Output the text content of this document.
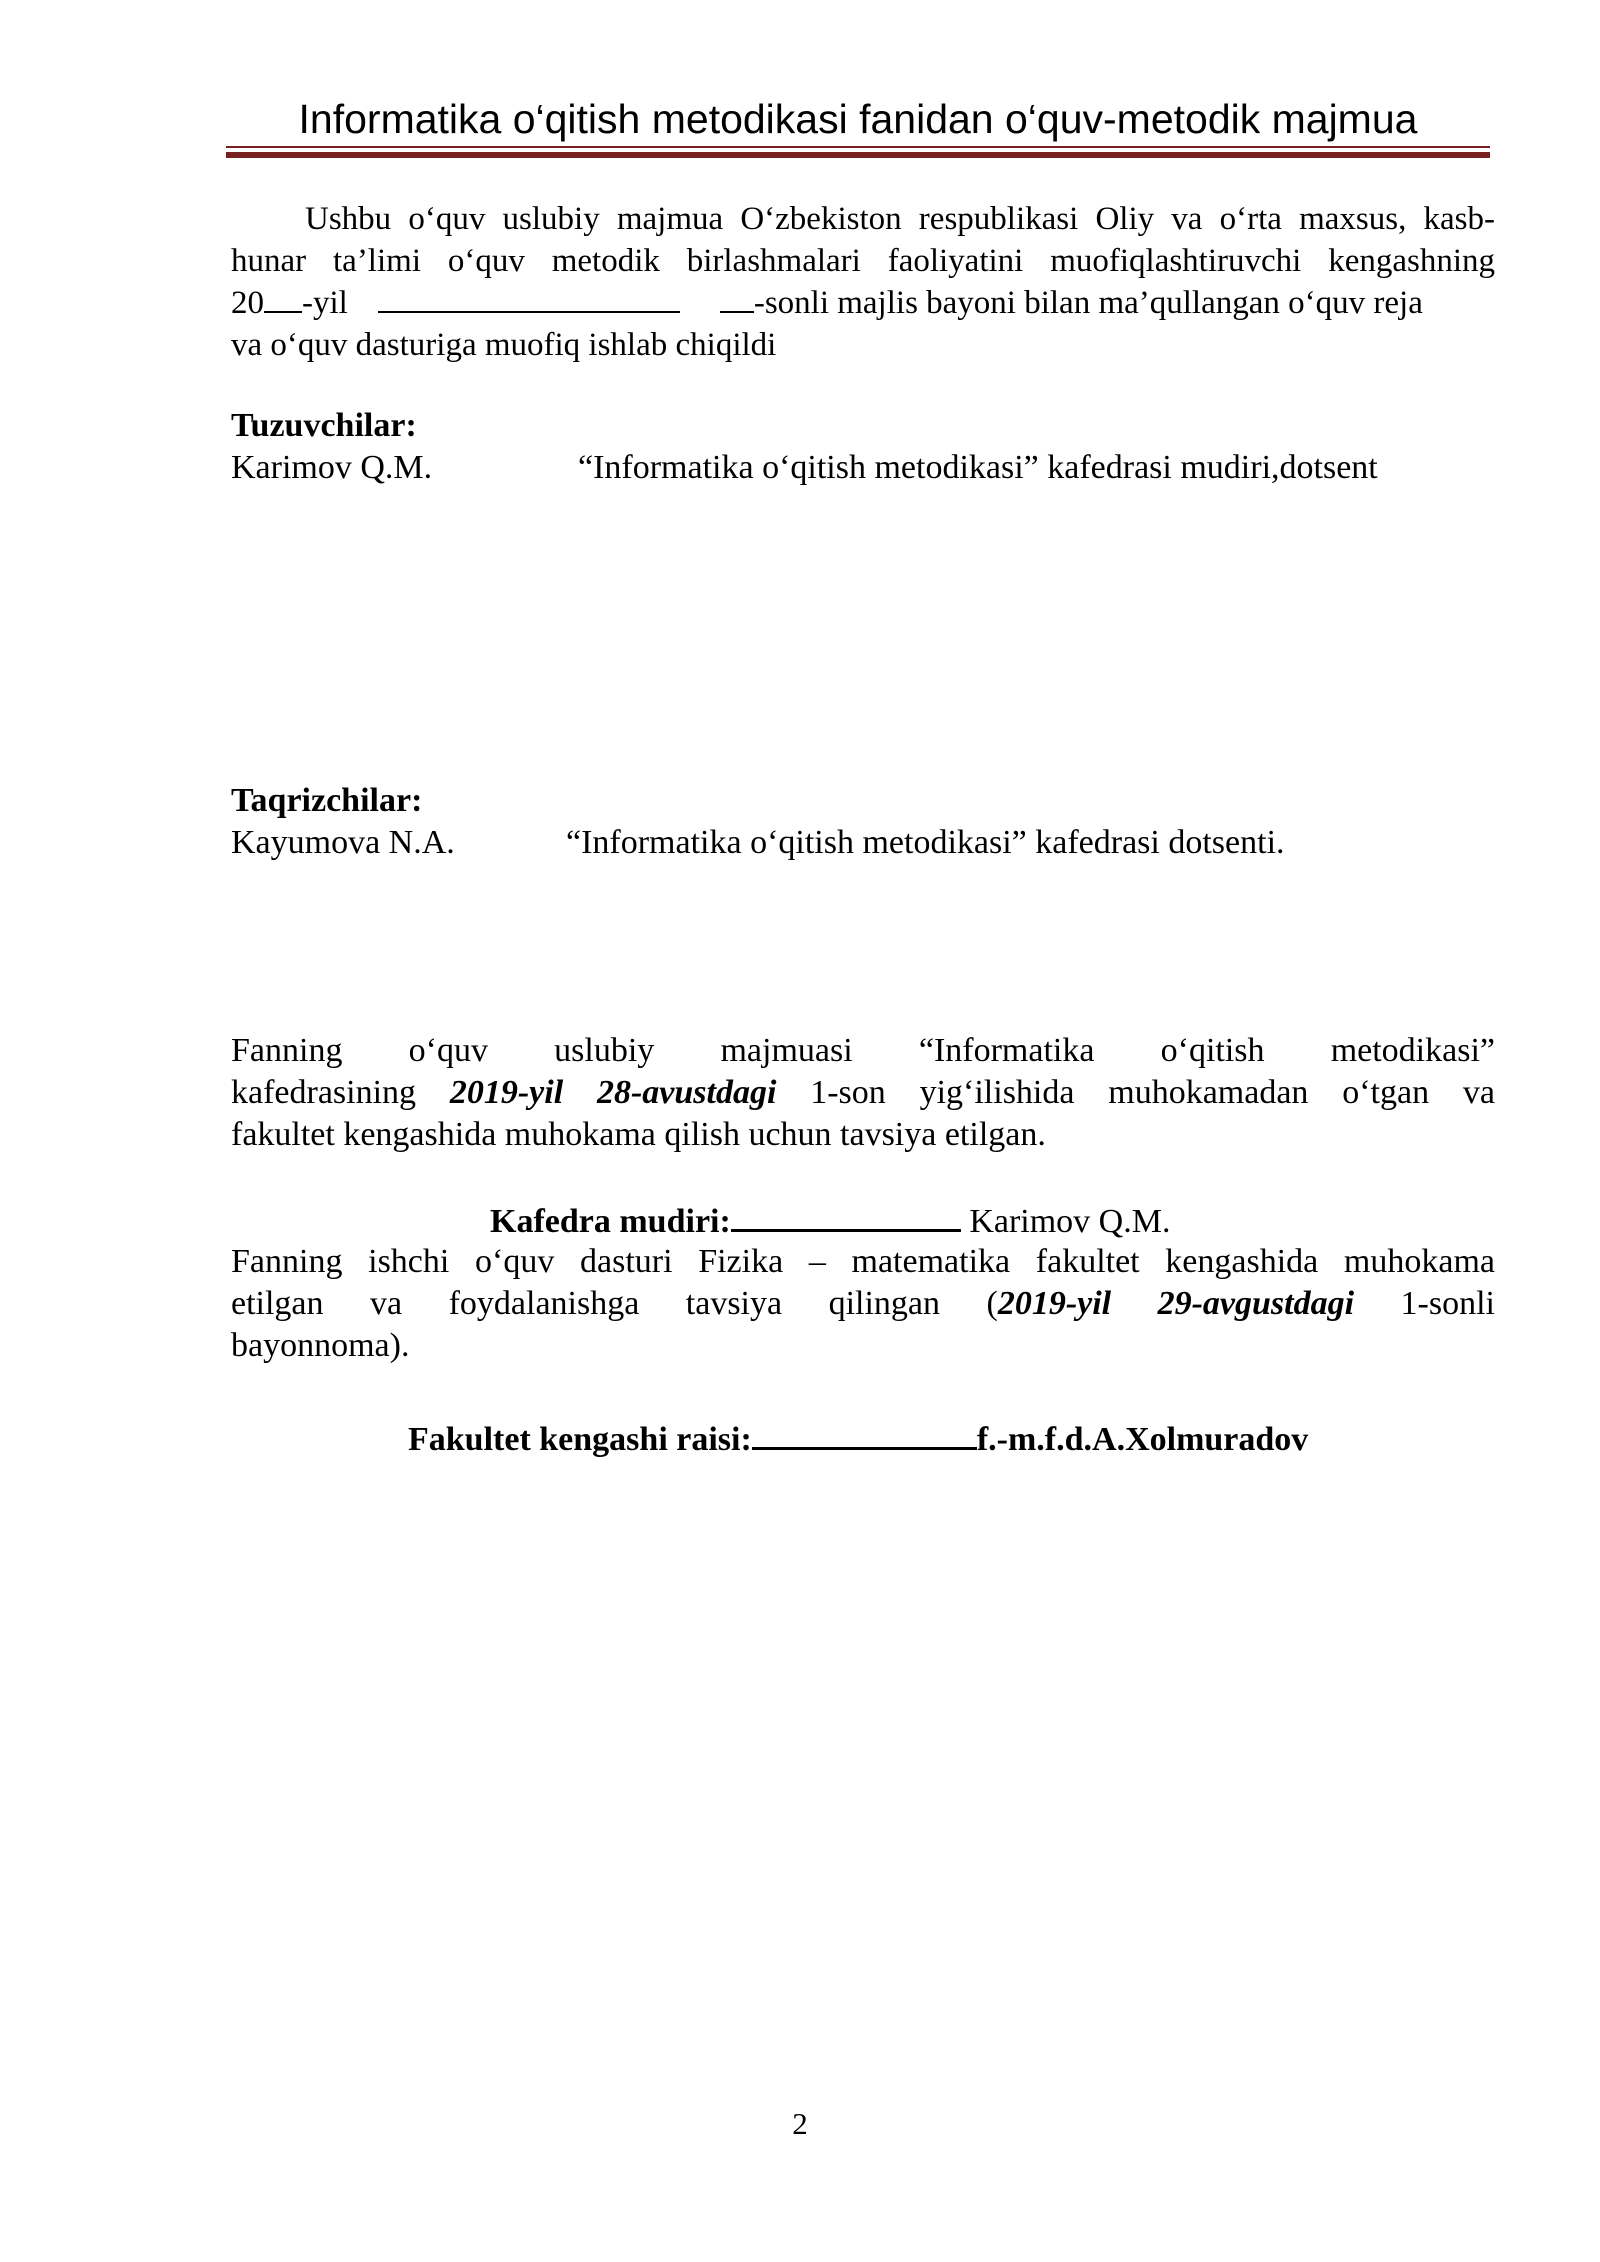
Informatika o‘qitish metodikasi fanidan o‘quv-metodik majmua
Ushbu o‘quv uslubiy majmua O‘zbekiston respublikasi Oliy va o‘rta maxsus, kasb-
hunar ta’limi o‘quv metodik birlashmalari faoliyatini muofiqlashtiruvchi kengashning
20 -yil	-sonli majlis bayoni bilan ma’qullangan o‘quv reja
va o‘quv dasturiga muofiq ishlab chiqildi
Tuzuvchilar:
Karimov Q.M.	“Informatika o‘qitish metodikasi” kafedrasi mudiri,dotsent
Taqrizchilar:
Kayumova N.A.	“Informatika o‘qitish metodikasi” kafedrasi dotsenti.
Fanning o‘quv uslubiy majmuasi “Informatika o‘qitish metodikasi”
kafedrasining 2019-yil 28-avustdagi 1-son yig‘ilishida muhokamadan o‘tgan va
fakultet kengashida muhokama qilish uchun tavsiya etilgan.
Kafedra mudiri:	Karimov Q.M.
Fanning ishchi o‘quv dasturi Fizika – matematika fakultet kengashida muhokama
etilgan va foydalanishga tavsiya qilingan (2019-yil 29-avgustdagi 1-sonli
bayonnoma).
Fakultet kengashi raisi:	f.-m.f.d.A.Xolmuradov
2
